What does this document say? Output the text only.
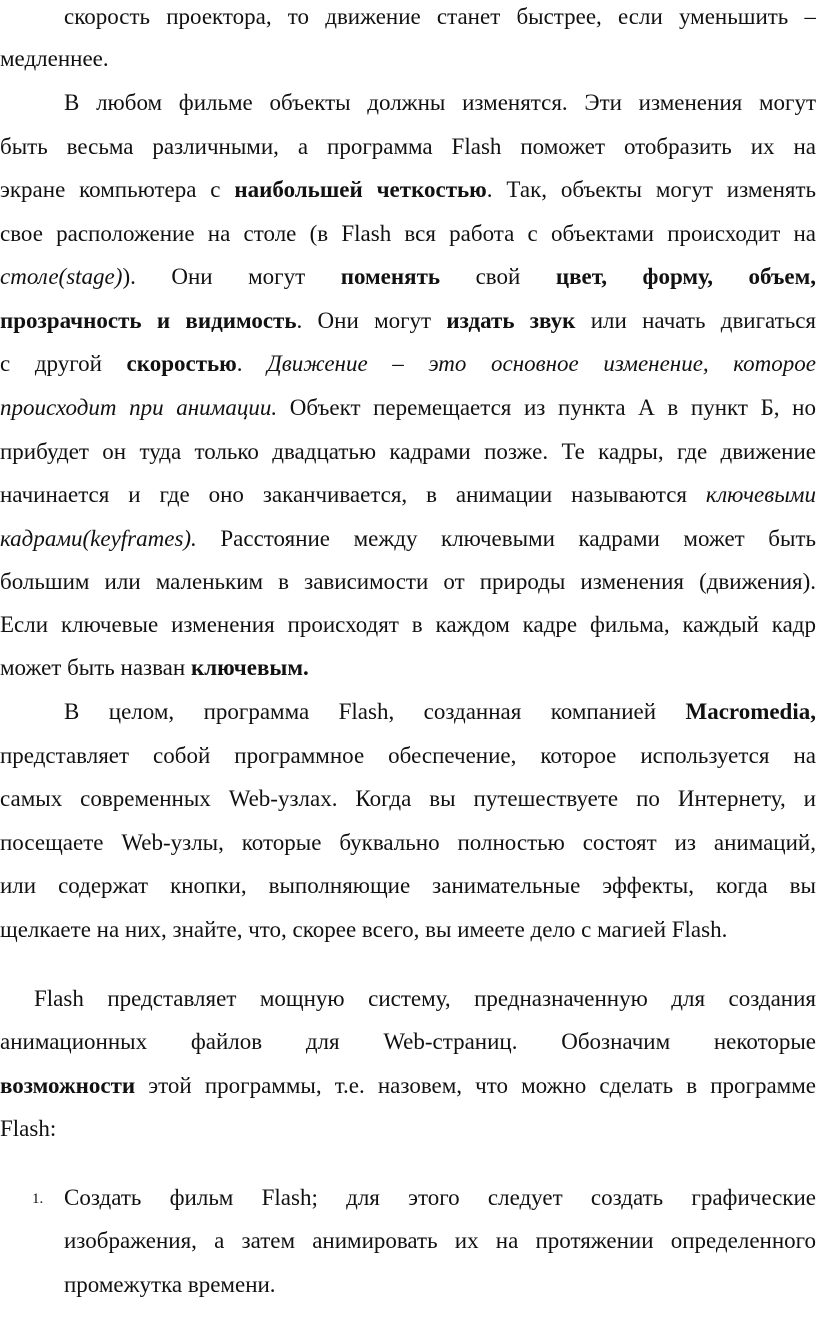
скорость проектора, то движение станет быстрее, если уменьшить –
медленнее.
В любом фильме объекты должны изменятся. Эти изменения могут
быть весьма различными, а программа Flash поможет отобразить их на
экране компьютера с наибольшей четкостью. Так, объекты могут изменять
свое расположение на столе (в Flash вся работа с объектами происходит на
столе(stage)). Они могут поменять свой цвет, форму, объем,
прозрачность и видимость. Они могут издать звук или начать двигаться
с другой скоростью. Движение – это основное изменение, которое
происходит при анимации. Объект перемещается из пункта А в пункт Б, но
прибудет он туда только двадцатью кадрами позже. Те кадры, где движение
начинается и где оно заканчивается, в анимации называются ключевыми
кадрами(keyframes). Расстояние между ключевыми кадрами может быть
большим или маленьким в зависимости от природы изменения (движения).
Если ключевые изменения происходят в каждом кадре фильма, каждый кадр
может быть назван ключевым.
В целом, программа Flash, созданная компанией Macromedia,
представляет собой программное обеспечение, которое используется на
самых современных Web-узлах. Когда вы путешествуете по Интернету, и
посещаете Web-узлы, которые буквально полностью состоят из анимаций,
или содержат кнопки, выполняющие занимательные эффекты, когда вы
щелкаете на них, знайте, что, скорее всего, вы имеете дело с магией Flash.
Flash представляет мощную систему, предназначенную для создания
анимационных файлов для Web-страниц. Обозначим некоторые
возможности этой программы, т.е. назовем, что можно сделать в программе
Flash:
1. Создать фильм Flash; для этого следует создать графические
изображения, а затем анимировать их на протяжении определенного
промежутка времени.
